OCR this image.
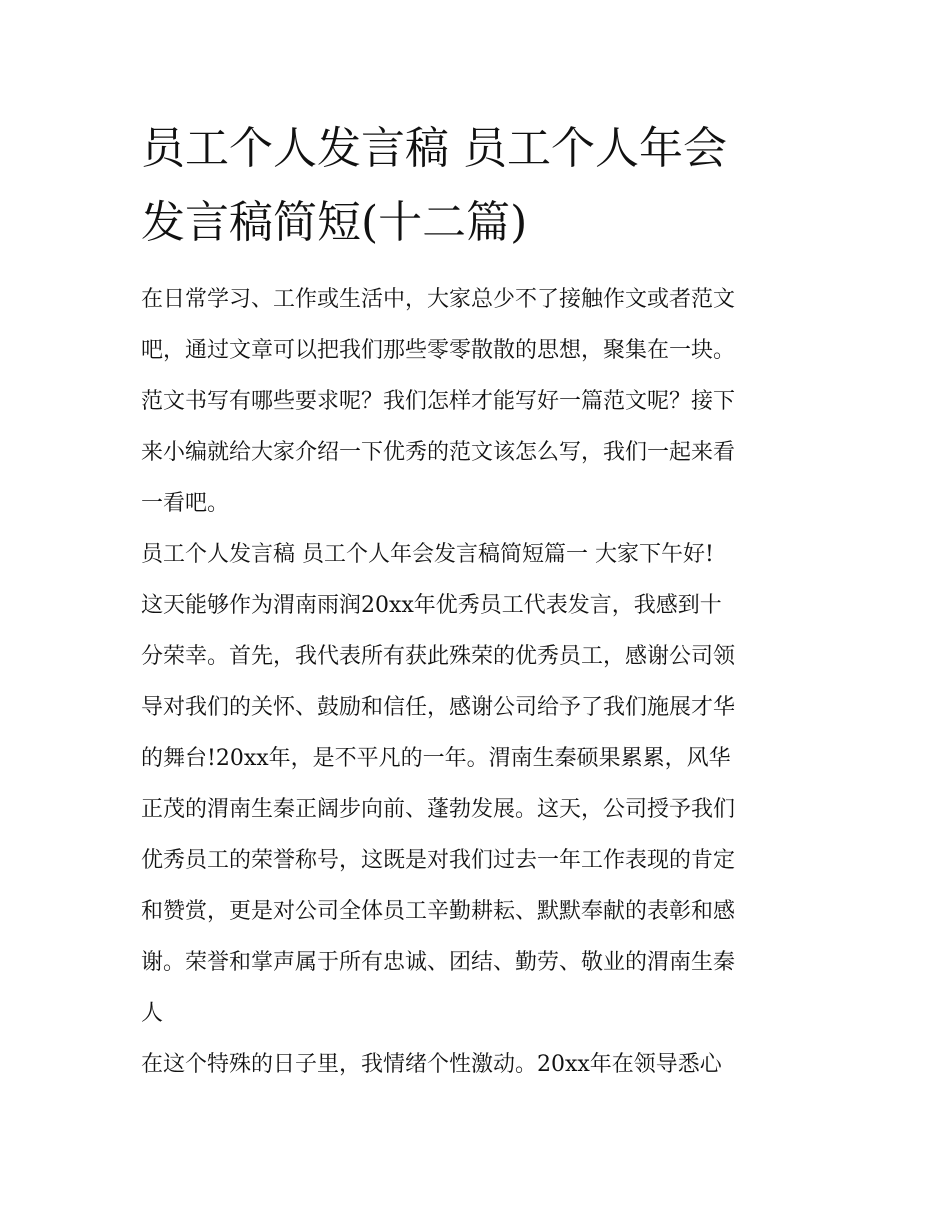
员工个人发言稿 员工个人年会
发言稿简短(十二篇)

在日常学习、工作或生活中，大家总少不了接触作文或者范文
吧，通过文章可以把我们那些零零散散的思想，聚集在一块。
范文书写有哪些要求呢？我们怎样才能写好一篇范文呢？接下
来小编就给大家介绍一下优秀的范文该怎么写，我们一起来看
一看吧。

员工个人发言稿 员工个人年会发言稿简短篇一 大家下午好!

这天能够作为渭南雨润20xx年优秀员工代表发言，我感到十
分荣幸。首先，我代表所有获此殊荣的优秀员工，感谢公司领
导对我们的关怀、鼓励和信任，感谢公司给予了我们施展才华
的舞台!20xx年，是不平凡的一年。渭南生秦硕果累累，风华
正茂的渭南生秦正阔步向前、蓬勃发展。这天，公司授予我们
优秀员工的荣誉称号，这既是对我们过去一年工作表现的肯定
和赞赏，更是对公司全体员工辛勤耕耘、默默奉献的表彰和感
谢。荣誉和掌声属于所有忠诚、团结、勤劳、敬业的渭南生秦
人

在这个特殊的日子里，我情绪个性激动。20xx年在领导悉心
